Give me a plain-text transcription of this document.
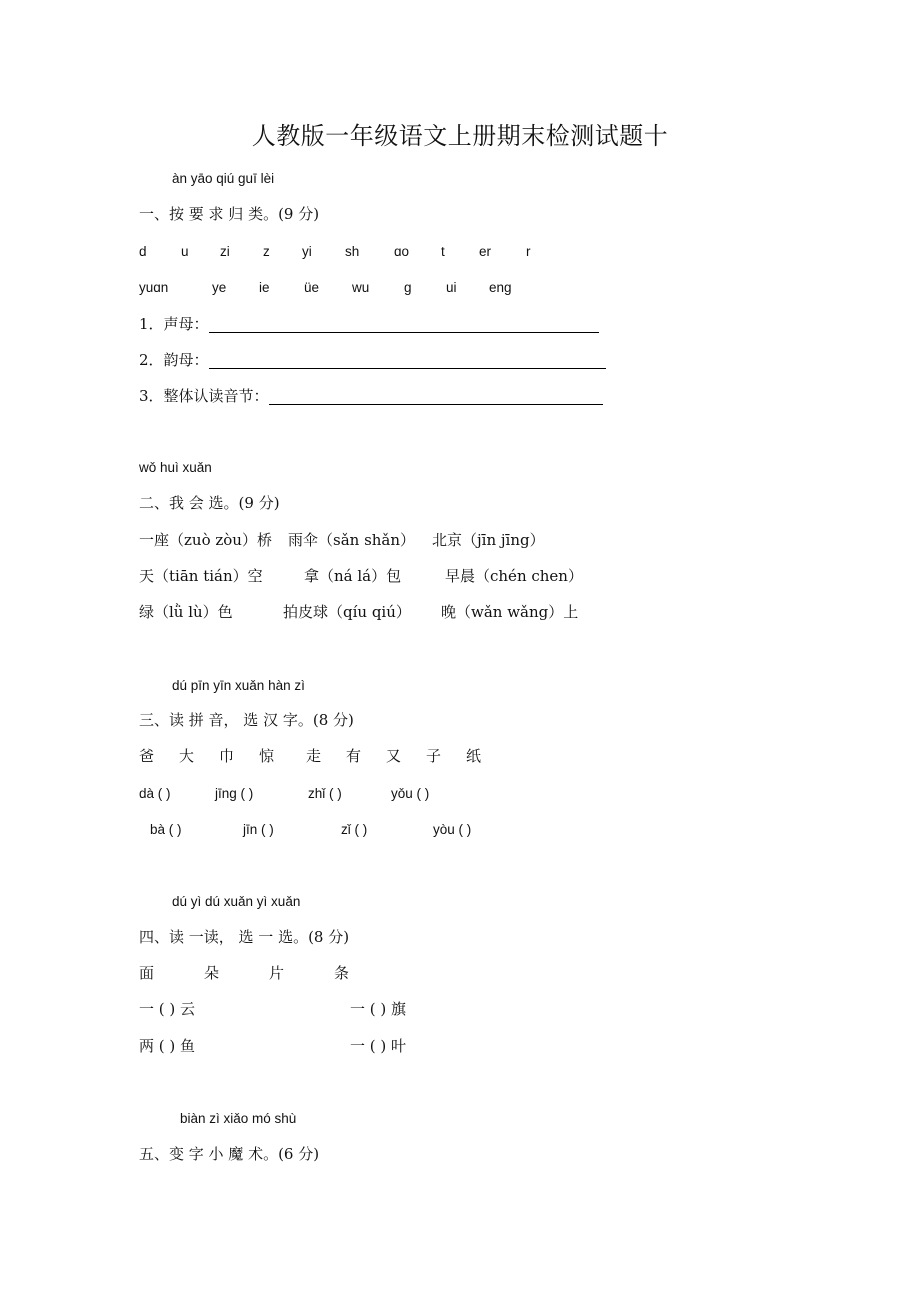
人教版一年级语文上册期末检测试题十
àn yāo qiú guī lèi
一、按 要 求 归 类。(9 分)
d	u zi z yi sh	ɑo t	er	r
yuɑn	ye ie	üe wu	g	ui eng
1．声母：
2．韵母：
3．整体认读音节：
wǒ huì xuǎn
二、我 会 选。(9 分)
一座（zuò zòu）桥 雨伞（sǎn shǎn） 北京（jīn jīng）
天（tiān tián）空	拿（ná lá）包	早晨（chén chen）
绿（lǜ lù）色	拍皮球（qíu qiú） 晚（wǎn wǎng）上
dú pīn yīn xuǎn hàn zì
三、读 拼 音， 选 汉 字。(8 分)
爸 大 巾 惊 走 有 又 子 纸
dà ( )	jīng ( )	zhǐ ( )	yǒu ( )
bà ( )	jīn ( )	zǐ ( )	yòu ( )
dú yì dú xuǎn yì xuǎn
四、读 一读， 选 一 选。(8 分)
面	朵	片	条
一 ( ) 云	一 ( ) 旗
两 ( ) 鱼	一 ( ) 叶
biàn zì xiǎo mó shù
五、变 字 小 魔 术。(6 分)
